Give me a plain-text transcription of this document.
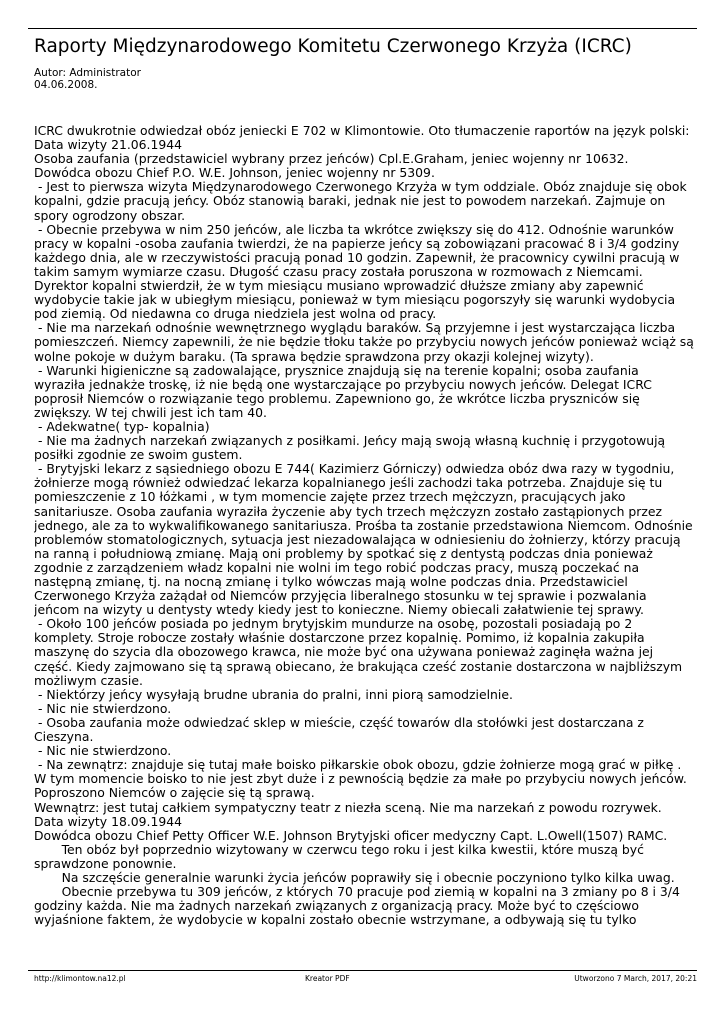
Raporty Międzynarodowego Komitetu Czerwonego Krzyża (ICRC)
Autor: Administrator
04.06.2008.
ICRC dwukrotnie odwiedzał obóz jeniecki E 702 w Klimontowie. Oto tłumaczenie raportów na język polski:
Data wizyty 21.06.1944
Osoba zaufania (przedstawiciel wybrany przez jeńców) Cpl.E.Graham, jeniec wojenny nr 10632.
Dowódca obozu Chief P.O. W.E. Johnson, jeniec wojenny nr 5309.
- Jest to pierwsza wizyta Międzynarodowego Czerwonego Krzyża w tym oddziale. Obóz znajduje się obok
kopalni, gdzie pracują jeńcy. Obóz stanowią baraki, jednak nie jest to powodem narzekań. Zajmuje on
spory ogrodzony obszar.
- Obecnie przebywa w nim 250 jeńców, ale liczba ta wkrótce zwiększy się do 412. Odnośnie warunków
pracy w kopalni -osoba zaufania twierdzi, że na papierze jeńcy są zobowiązani pracować 8 i 3/4 godziny
każdego dnia, ale w rzeczywistości pracują ponad 10 godzin. Zapewnił, że pracownicy cywilni pracują w
takim samym wymiarze czasu. Długość czasu pracy została poruszona w rozmowach z Niemcami.
Dyrektor kopalni stwierdził, że w tym miesiącu musiano wprowadzić dłuższe zmiany aby zapewnić
wydobycie takie jak w ubiegłym miesiącu, ponieważ w tym miesiącu pogorszyły się warunki wydobycia
pod ziemią. Od niedawna co druga niedziela jest wolna od pracy.
- Nie ma narzekań odnośnie wewnętrznego wyglądu baraków. Są przyjemne i jest wystarczająca liczba
pomieszczeń. Niemcy zapewnili, że nie będzie tłoku także po przybyciu nowych jeńców ponieważ wciąż są
wolne pokoje w dużym baraku. (Ta sprawa będzie sprawdzona przy okazji kolejnej wizyty).
- Warunki higieniczne są zadowalające, prysznice znajdują się na terenie kopalni; osoba zaufania
wyraziła jednakże troskę, iż nie będą one wystarczające po przybyciu nowych jeńców. Delegat ICRC
poprosił Niemców o rozwiązanie tego problemu. Zapewniono go, że wkrótce liczba pryszniców się
zwiększy. W tej chwili jest ich tam 40.
- Adekwatne( typ- kopalnia)
- Nie ma żadnych narzekań związanych z posiłkami. Jeńcy mają swoją własną kuchnię i przygotowują
posiłki zgodnie ze swoim gustem.
- Brytyjski lekarz z sąsiedniego obozu E 744( Kazimierz Górniczy) odwiedza obóz dwa razy w tygodniu,
żołnierze mogą również odwiedzać lekarza kopalnianego jeśli zachodzi taka potrzeba. Znajduje się tu
pomieszczenie z 10 łóżkami , w tym momencie zajęte przez trzech mężczyzn, pracujących jako
sanitariusze. Osoba zaufania wyraziła życzenie aby tych trzech mężczyzn zostało zastąpionych przez
jednego, ale za to wykwalifikowanego sanitariusza. Prośba ta zostanie przedstawiona Niemcom. Odnośnie
problemów stomatologicznych, sytuacja jest niezadowalająca w odniesieniu do żołnierzy, którzy pracują
na ranną i południową zmianę. Mają oni problemy by spotkać się z dentystą podczas dnia ponieważ
zgodnie z zarządzeniem władz kopalni nie wolni im tego robić podczas pracy, muszą poczekać na
następną zmianę, tj. na nocną zmianę i tylko wówczas mają wolne podczas dnia. Przedstawiciel
Czerwonego Krzyża zażądał od Niemców przyjęcia liberalnego stosunku w tej sprawie i pozwalania
jeńcom na wizyty u dentysty wtedy kiedy jest to konieczne. Niemy obiecali załatwienie tej sprawy.
- Około 100 jeńców posiada po jednym brytyjskim mundurze na osobę, pozostali posiadają po 2
komplety. Stroje robocze zostały właśnie dostarczone przez kopalnię. Pomimo, iż kopalnia zakupiła
maszynę do szycia dla obozowego krawca, nie może być ona używana ponieważ zaginęła ważna jej
część. Kiedy zajmowano się tą sprawą obiecano, że brakująca cześć zostanie dostarczona w najbliższym
możliwym czasie.
- Niektórzy jeńcy wysyłają brudne ubrania do pralni, inni piorą samodzielnie.
- Nic nie stwierdzono.
- Osoba zaufania może odwiedzać sklep w mieście, część towarów dla stołówki jest dostarczana z
Cieszyna.
- Nic nie stwierdzono.
- Na zewnątrz: znajduje się tutaj małe boisko piłkarskie obok obozu, gdzie żołnierze mogą grać w piłkę .
W tym momencie boisko to nie jest zbyt duże i z pewnością będzie za małe po przybyciu nowych jeńców.
Poproszono Niemców o zajęcie się tą sprawą.
Wewnątrz: jest tutaj całkiem sympatyczny teatr z niezła sceną. Nie ma narzekań z powodu rozrywek.
Data wizyty 18.09.1944
Dowódca obozu Chief Petty Officer W.E. Johnson Brytyjski oficer medyczny Capt. L.Owell(1507) RAMC.
Ten obóz był poprzednio wizytowany w czerwcu tego roku i jest kilka kwestii, które muszą być
sprawdzone ponownie.
Na szczęście generalnie warunki życia jeńców poprawiły się i obecnie poczyniono tylko kilka uwag.
Obecnie przebywa tu 309 jeńców, z których 70 pracuje pod ziemią w kopalni na 3 zmiany po 8 i 3/4
godziny każda. Nie ma żadnych narzekań związanych z organizacją pracy. Może być to częściowo
wyjaśnione faktem, że wydobycie w kopalni zostało obecnie wstrzymane, a odbywają się tu tylko
http://klimontow.na12.pl	Kreator PDF	Utworzono 7 March, 2017, 20:21
